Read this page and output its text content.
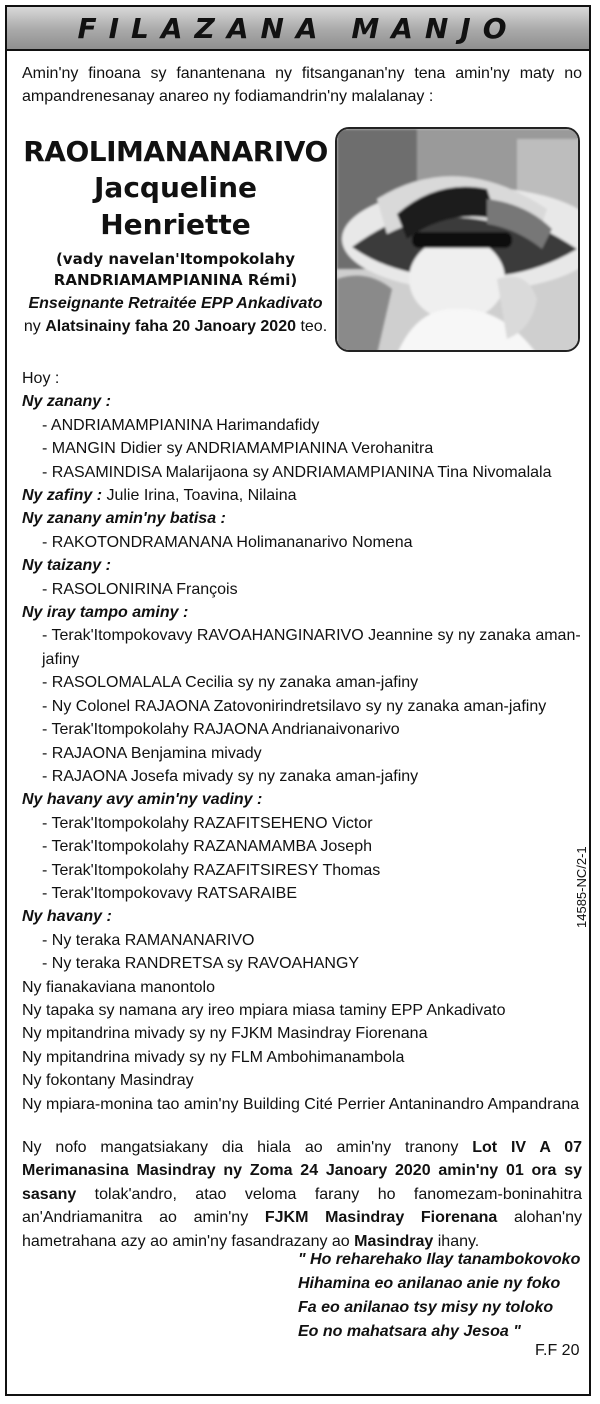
FILAZANA MANJO
Amin'ny finoana sy fanantenana ny fitsanganan'ny tena amin'ny maty no ampandrenesanay anareo ny fodiamandrin'ny malalanay :
RAOLIMANANARIVO
Jacqueline
Henriette
(vady navelan'Itompokolahy
RANDRIAMAMPIANINA Rémi)
Enseignante Retraitée EPP Ankadivato
ny Alatsinainy faha 20 Janoary 2020 teo.
Hoy :
Ny zanany :
- ANDRIAMAMPIANINA Harimandafidy
- MANGIN Didier sy ANDRIAMAMPIANINA Verohanitra
- RASAMINDISA Malarijaona sy ANDRIAMAMPIANINA Tina Nivomalala
Ny zafiny : Julie Irina, Toavina, Nilaina
Ny zanany amin'ny batisa :
- RAKOTONDRAMANANA Holimananarivo Nomena
Ny taizany :
- RASOLONIRINA François
Ny iray tampo aminy :
- Terak'Itompokovavy RAVOAHANGINARIVO Jeannine sy ny zanaka aman-
jafiny
- RASOLOMALALA Cecilia sy ny zanaka aman-jafiny
- Ny Colonel RAJAONA Zatovonirindretsilavo sy ny zanaka aman-jafiny
- Terak'Itompokolahy RAJAONA Andrianaivonarivo
- RAJAONA Benjamina mivady
- RAJAONA Josefa mivady sy ny zanaka aman-jafiny
Ny havany avy amin'ny vadiny :
- Terak'Itompokolahy RAZAFITSEHENO Victor
- Terak'Itompokolahy RAZANAMAMBA Joseph
- Terak'Itompokolahy RAZAFITSIRESY Thomas
- Terak'Itompokovavy RATSARAIBE
Ny havany :
- Ny teraka RAMANANARIVO
- Ny teraka RANDRETSA sy RAVOAHANGY
Ny fianakaviana manontolo
Ny tapaka sy namana ary ireo mpiara miasa taminy EPP Ankadivato
Ny mpitandrina mivady sy ny FJKM Masindray Fiorenana
Ny mpitandrina mivady sy ny FLM Ambohimanambola
Ny fokontany Masindray
Ny mpiara-monina tao amin'ny Building Cité Perrier Antaninandro Ampandrana
Ny nofo mangatsiakany dia hiala ao amin'ny tranony Lot IV A 07 Merimanasina Masindray ny Zoma 24 Janoary 2020 amin'ny 01 ora sy sasany tolak'andro, atao veloma farany ho fanomezam-boninahitra an'Andriamanitra ao amin'ny FJKM Masindray Fiorenana alohan'ny hametrahana azy ao amin'ny fasandrazany ao Masindray ihany.
" Ho reharehako Ilay tanambokovoko
Hihamina eo anilanao anie ny foko
Fa eo anilanao tsy misy ny toloko
Eo no mahatsara ahy Jesoa "
F.F 20
14585-NC/2-1
